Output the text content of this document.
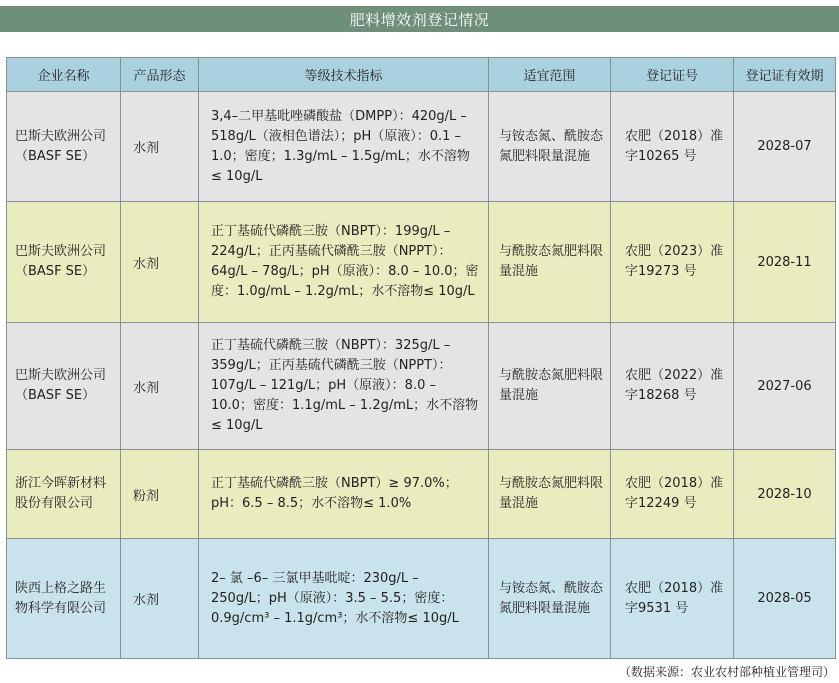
肥料增效剂登记情况
企业名称	产品形态	等级技术指标	适宜范围	登记证号	登记证有效期
巴斯夫欧洲公司（BASF SE）	水剂	3,4–二甲基吡唑磷酸盐（DMPP）：420g/L – 518g/L（液相色谱法）；pH（原液）：0.1 – 1.0；密度；1.3g/mL – 1.5g/mL；水不溶物≤ 10g/L	与铵态氮、酰胺态氮肥料限量混施	农肥（2018）准字10265 号	2028-07
巴斯夫欧洲公司（BASF SE）	水剂	正丁基硫代磷酰三胺（NBPT）：199g/L – 224g/L；正丙基硫代磷酰三胺（NPPT）：64g/L – 78g/L；pH（原液）：8.0 – 10.0；密度：1.0g/mL – 1.2g/mL；水不溶物≤ 10g/L	与酰胺态氮肥料限量混施	农肥（2023）准字19273 号	2028-11
巴斯夫欧洲公司（BASF SE）	水剂	正丁基硫代磷酰三胺（NBPT）：325g/L – 359g/L；正丙基硫代磷酰三胺（NPPT）：107g/L – 121g/L；pH（原液）：8.0 – 10.0；密度：1.1g/mL – 1.2g/mL；水不溶物≤ 10g/L	与酰胺态氮肥料限量混施	农肥（2022）准字18268 号	2027-06
浙江今晖新材料股份有限公司	粉剂	正丁基硫代磷酰三胺（NBPT）≥ 97.0%；pH：6.5 – 8.5；水不溶物≤ 1.0%	与酰胺态氮肥料限量混施	农肥（2018）准字12249 号	2028-10
陕西上格之路生物科学有限公司	水剂	2– 氯 –6– 三氯甲基吡啶：230g/L – 250g/L；pH（原液）：3.5 – 5.5；密度：0.9g/cm³ – 1.1g/cm³；水不溶物≤ 10g/L	与铵态氮、酰胺态氮肥料限量混施	农肥（2018）准字9531 号	2028-05
（数据来源：农业农村部种植业管理司）
